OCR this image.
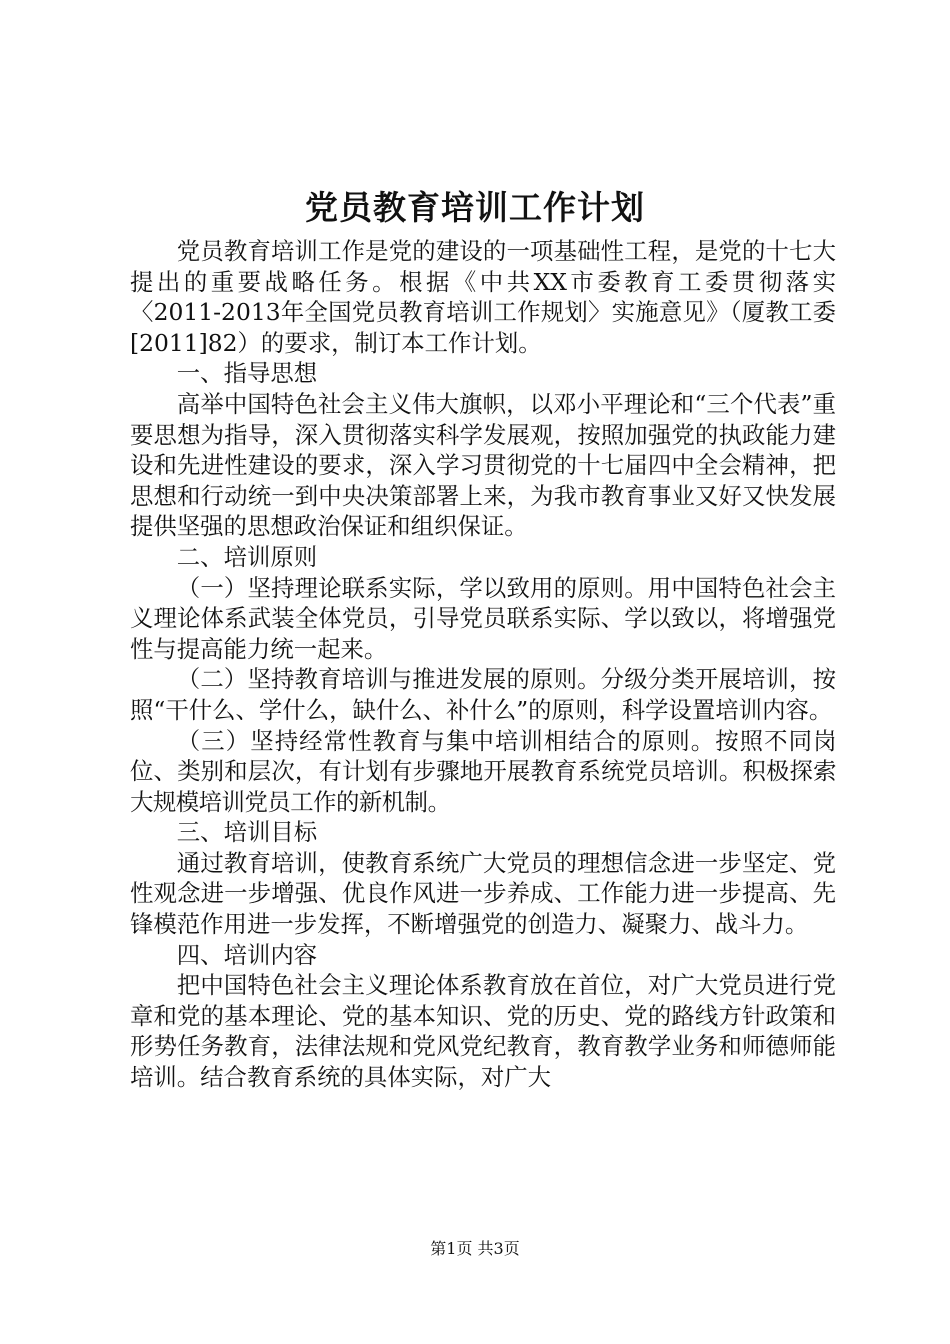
党员教育培训工作计划

党员教育培训工作是党的建设的一项基础性工程，是党的十七大提出的重要战略任务。根据《中共XX市委教育工委贯彻落实〈2011-2013年全国党员教育培训工作规划〉实施意见》（厦教工委[2011]82）的要求，制订本工作计划。

一、指导思想

高举中国特色社会主义伟大旗帜，以邓小平理论和“三个代表”重要思想为指导，深入贯彻落实科学发展观，按照加强党的执政能力建设和先进性建设的要求，深入学习贯彻党的十七届四中全会精神，把思想和行动统一到中央决策部署上来，为我市教育事业又好又快发展提供坚强的思想政治保证和组织保证。

二、培训原则

（一）坚持理论联系实际，学以致用的原则。用中国特色社会主义理论体系武装全体党员，引导党员联系实际、学以致以，将增强党性与提高能力统一起来。

（二）坚持教育培训与推进发展的原则。分级分类开展培训，按照“干什么、学什么，缺什么、补什么”的原则，科学设置培训内容。

（三）坚持经常性教育与集中培训相结合的原则。按照不同岗位、类别和层次，有计划有步骤地开展教育系统党员培训。积极探索大规模培训党员工作的新机制。

三、培训目标

通过教育培训，使教育系统广大党员的理想信念进一步坚定、党性观念进一步增强、优良作风进一步养成、工作能力进一步提高、先锋模范作用进一步发挥，不断增强党的创造力、凝聚力、战斗力。

四、培训内容

把中国特色社会主义理论体系教育放在首位，对广大党员进行党章和党的基本理论、党的基本知识、党的历史、党的路线方针政策和形势任务教育，法律法规和党风党纪教育，教育教学业务和师德师能培训。结合教育系统的具体实际，对广大

第1页 共3页
